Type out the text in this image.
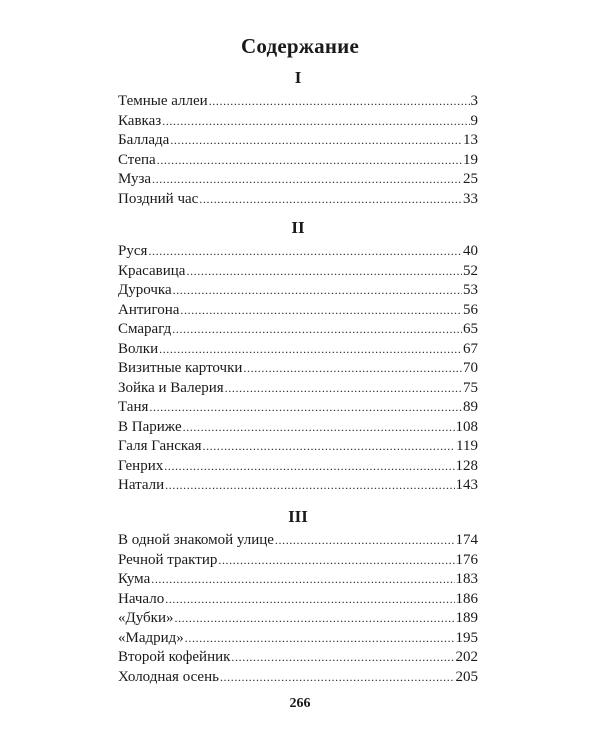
Содержание
I
Темные аллеи .....	3
Кавказ .....	9
Баллада .....	13
Степа .....	19
Муза .....	25
Поздний час .....	33
II
Руся .....	40
Красавица .....	52
Дурочка .....	53
Антигона .....	56
Смарагд .....	65
Волки .....	67
Визитные карточки .....	70
Зойка и Валерия .....	75
Таня .....	89
В Париже .....	108
Галя Ганская .....	119
Генрих .....	128
Натали .....	143
III
В одной знакомой улице .....	174
Речной трактир .....	176
Кума .....	183
Начало .....	186
«Дубки» .....	189
«Мадрид» .....	195
Второй кофейник .....	202
Холодная осень .....	205
266
